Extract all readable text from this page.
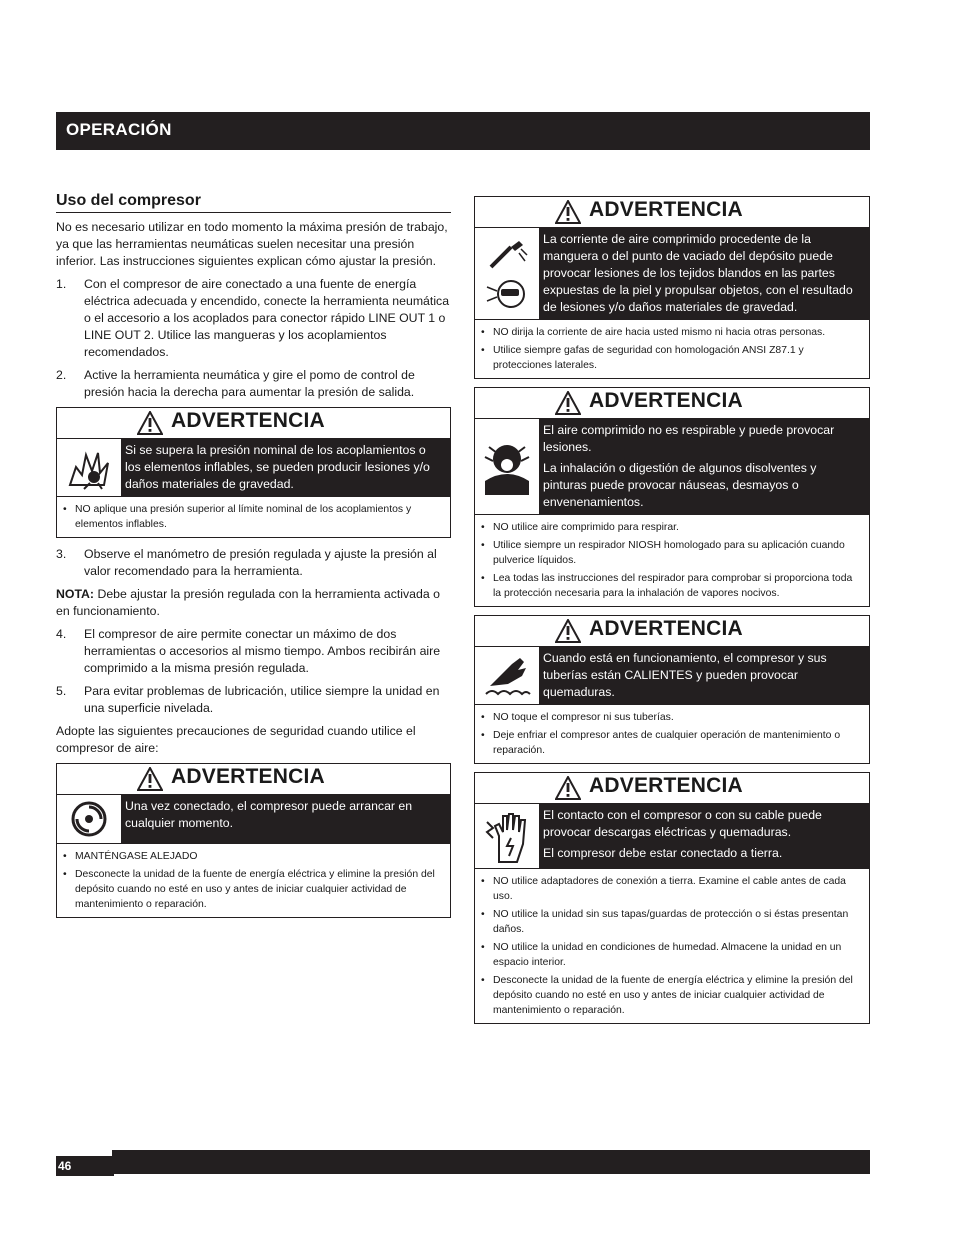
OPERACIÓN
Uso del compresor

No es necesario utilizar en todo momento la máxima presión de trabajo, ya que las herramientas neumáticas suelen necesitar una presión inferior. Las instrucciones siguientes explican cómo ajustar la presión.

1. Con el compresor de aire conectado a una fuente de energía eléctrica adecuada y encendido, conecte la herramienta neumática o el accesorio a los acoplados para conector rápido LINE OUT 1 o LINE OUT 2. Utilice las mangueras y los acoplamientos recomendados.
2. Active la herramienta neumática y gire el pomo de control de presión hacia la derecha para aumentar la presión de salida.
ADVERTENCIA
Si se supera la presión nominal de los acoplamientos o los elementos inflables, se pueden producir lesiones y/o daños materiales de gravedad.
• NO aplique una presión superior al límite nominal de los acoplamientos y elementos inflables.
3. Observe el manómetro de presión regulada y ajuste la presión al valor recomendado para la herramienta.

NOTA: Debe ajustar la presión regulada con la herramienta activada o en funcionamiento.

4. El compresor de aire permite conectar un máximo de dos herramientas o accesorios al mismo tiempo. Ambos recibirán aire comprimido a la misma presión regulada.
5. Para evitar problemas de lubricación, utilice siempre la unidad en una superficie nivelada.

Adopte las siguientes precauciones de seguridad cuando utilice el compresor de aire:

ADVERTENCIA
Una vez conectado, el compresor puede arrancar en cualquier momento.
• MANTÉNGASE ALEJADO
• Desconecte la unidad de la fuente de energía eléctrica y elimine la presión del depósito cuando no esté en uso y antes de iniciar cualquier actividad de mantenimiento o reparación.
ADVERTENCIA

La corriente de aire comprimido procedente de la manguera o del punto de vaciado del depósito puede provocar lesiones de los tejidos blandos en las partes expuestas de la piel y propulsar objetos, con el resultado de lesiones y/o daños materiales de gravedad.

• NO dirija la corriente de aire hacia usted mismo ni hacia otras personas.
• Utilice siempre gafas de seguridad con homologación ANSI Z87.1 y protecciones laterales.
ADVERTENCIA

El aire comprimido no es respirable y puede provocar lesiones.

La inhalación o digestión de algunos disolventes y pinturas puede provocar náuseas, desmayos o envenenamientos.

• NO utilice aire comprimido para respirar.
• Utilice siempre un respirador NIOSH homologado para su aplicación cuando pulverice líquidos.
• Lea todas las instrucciones del respirador para comprobar si proporciona toda la protección necesaria para la inhalación de vapores nocivos.
ADVERTENCIA

Cuando está en funcionamiento, el compresor y sus tuberías están CALIENTES y pueden provocar quemaduras.

• NO toque el compresor ni sus tuberías.
• Deje enfriar el compresor antes de cualquier operación de mantenimiento o reparación.
ADVERTENCIA

El contacto con el compresor o con su cable puede provocar descargas eléctricas y quemaduras.

El compresor debe estar conectado a tierra.

• NO utilice adaptadores de conexión a tierra. Examine el cable antes de cada uso.
• NO utilice la unidad sin sus tapas/guardas de protección o si éstas presentan daños.
• NO utilice la unidad en condiciones de humedad. Almacene la unidad en un espacio interior.
• Desconecte la unidad de la fuente de energía eléctrica y elimine la presión del depósito cuando no esté en uso y antes de iniciar cualquier actividad de mantenimiento o reparación.
46
